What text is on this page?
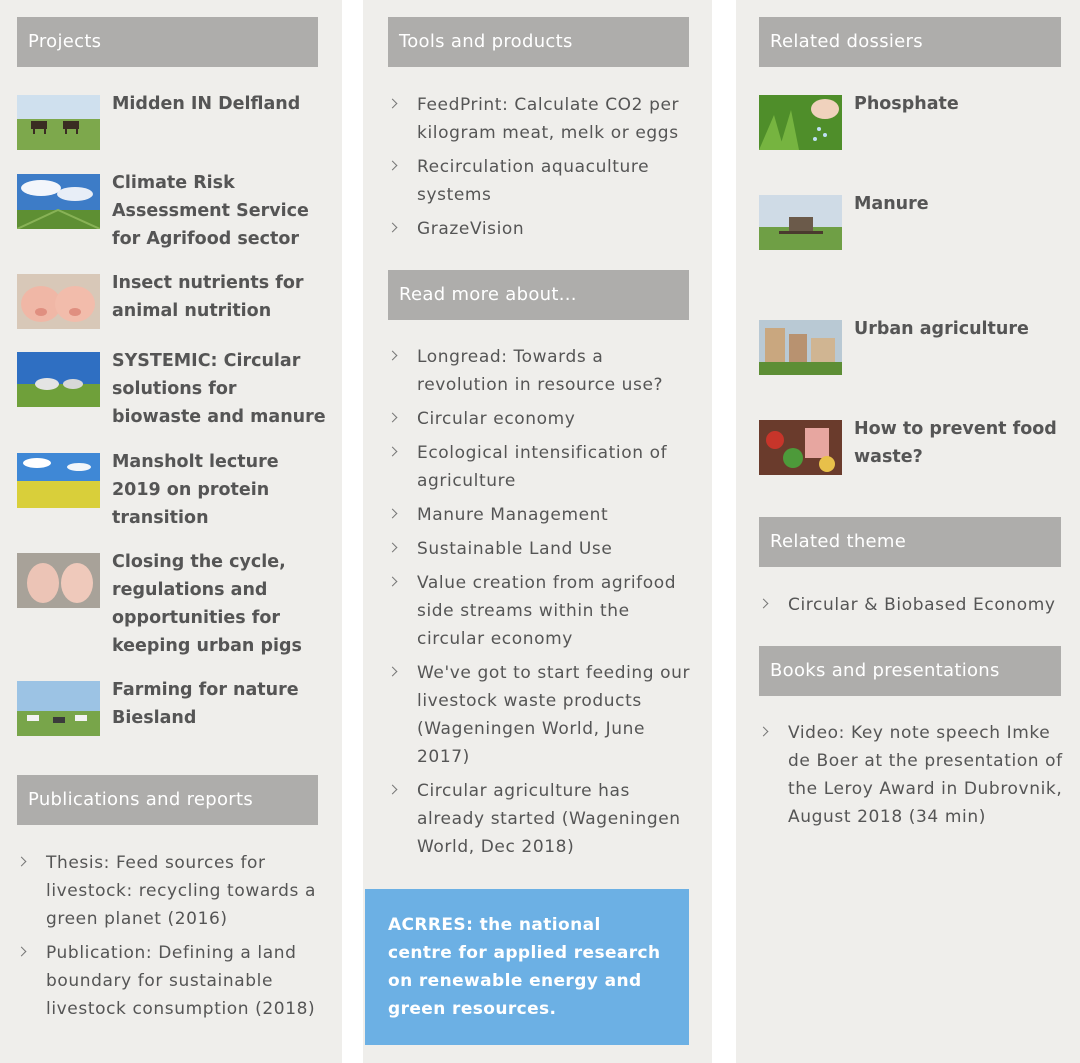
Projects
Midden IN Delfland
Climate Risk Assessment Service for Agrifood sector
Insect nutrients for animal nutrition
SYSTEMIC: Circular solutions for biowaste and manure
Mansholt lecture 2019 on protein transition
Closing the cycle, regulations and opportunities for keeping urban pigs
Farming for nature Biesland
Publications and reports
Thesis: Feed sources for livestock: recycling towards a green planet (2016)
Publication: Defining a land boundary for sustainable livestock consumption (2018)
Tools and products
FeedPrint: Calculate CO2 per kilogram meat, melk or eggs
Recirculation aquaculture systems
GrazeVision
Read more about...
Longread: Towards a revolution in resource use?
Circular economy
Ecological intensification of agriculture
Manure Management
Sustainable Land Use
Value creation from agrifood side streams within the circular economy
We've got to start feeding our livestock waste products (Wageningen World, June 2017)
Circular agriculture has already started (Wageningen World, Dec 2018)
ACRRES: the national centre for applied research on renewable energy and green resources.
Related dossiers
Phosphate
Manure
Urban agriculture
How to prevent food waste?
Related theme
Circular & Biobased Economy
Books and presentations
Video: Key note speech Imke de Boer at the presentation of the Leroy Award in Dubrovnik, August 2018 (34 min)
